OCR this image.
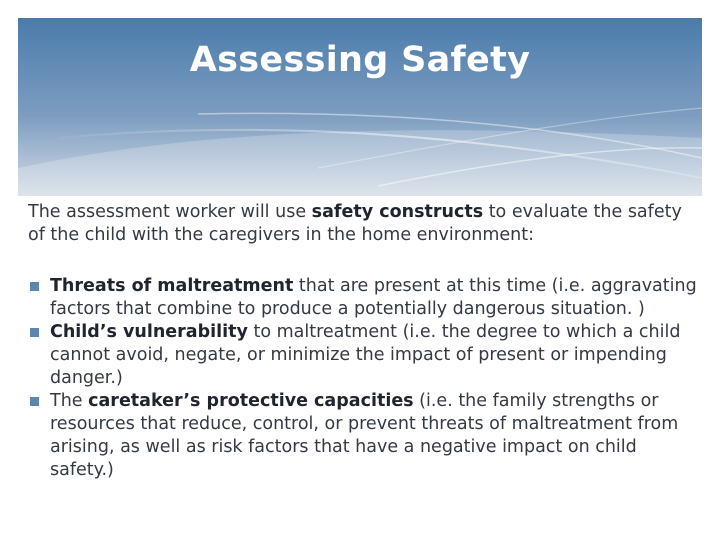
Assessing Safety
The assessment worker will use safety constructs to evaluate the safety of the child with the caregivers in the home environment:
Threats of maltreatment that are present at this time (i.e. aggravating factors that combine to produce a potentially dangerous situation. )
Child’s vulnerability to maltreatment (i.e. the degree to which a child cannot avoid, negate, or minimize the impact of present or impending danger.)
The caretaker’s protective capacities (i.e. the family strengths or resources that reduce, control, or prevent threats of maltreatment from arising, as well as risk factors that have a negative impact on child safety.)
